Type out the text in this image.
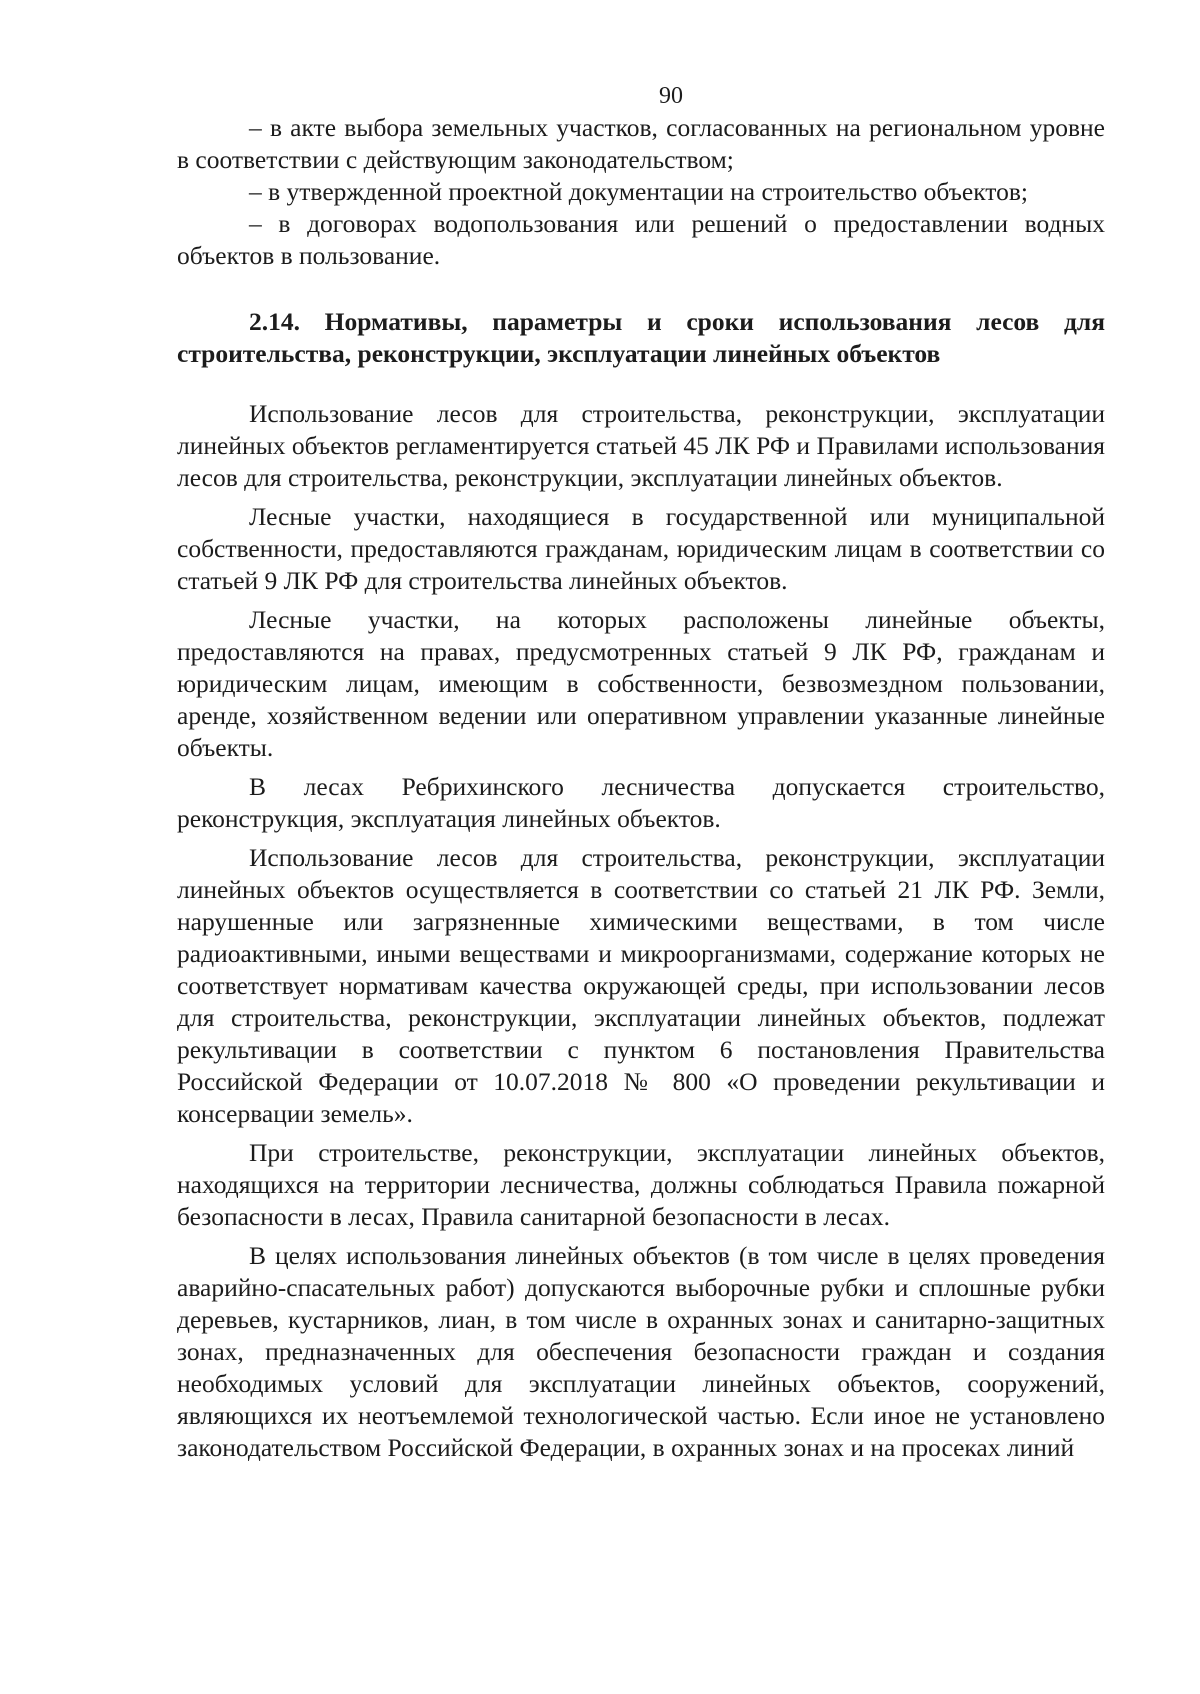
90

– в акте выбора земельных участков, согласованных на региональном уровне в соответствии с действующим законодательством;

– в утвержденной проектной документации на строительство объектов;

– в договорах водопользования или решений о предоставлении водных объектов в пользование.

2.14. Нормативы, параметры и сроки использования лесов для строительства, реконструкции, эксплуатации линейных объектов

Использование лесов для строительства, реконструкции, эксплуатации линейных объектов регламентируется статьей 45 ЛК РФ и Правилами использования лесов для строительства, реконструкции, эксплуатации линейных объектов.

Лесные участки, находящиеся в государственной или муниципальной собственности, предоставляются гражданам, юридическим лицам в соответствии со статьей 9 ЛК РФ для строительства линейных объектов.

Лесные участки, на которых расположены линейные объекты, предоставляются на правах, предусмотренных статьей 9 ЛК РФ, гражданам и юридическим лицам, имеющим в собственности, безвозмездном пользовании, аренде, хозяйственном ведении или оперативном управлении указанные линейные объекты.

В лесах Ребрихинского лесничества допускается строительство, реконструкция, эксплуатация линейных объектов.

Использование лесов для строительства, реконструкции, эксплуатации линейных объектов осуществляется в соответствии со статьей 21 ЛК РФ. Земли, нарушенные или загрязненные химическими веществами, в том числе радиоактивными, иными веществами и микроорганизмами, содержание которых не соответствует нормативам качества окружающей среды, при использовании лесов для строительства, реконструкции, эксплуатации линейных объектов, подлежат рекультивации в соответствии с пунктом 6 постановления Правительства Российской Федерации от 10.07.2018 № 800 «О проведении рекультивации и консервации земель».

При строительстве, реконструкции, эксплуатации линейных объектов, находящихся на территории лесничества, должны соблюдаться Правила пожарной безопасности в лесах, Правила санитарной безопасности в лесах.

В целях использования линейных объектов (в том числе в целях проведения аварийно-спасательных работ) допускаются выборочные рубки и сплошные рубки деревьев, кустарников, лиан, в том числе в охранных зонах и санитарно-защитных зонах, предназначенных для обеспечения безопасности граждан и создания необходимых условий для эксплуатации линейных объектов, сооружений, являющихся их неотъемлемой технологической частью. Если иное не установлено законодательством Российской Федерации, в охранных зонах и на просеках линий
